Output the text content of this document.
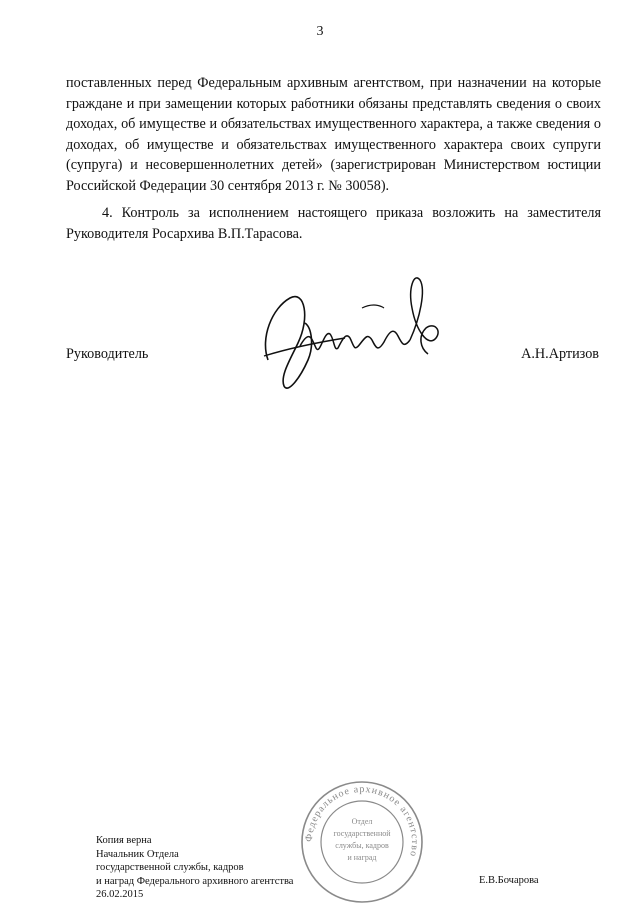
3

поставленных перед Федеральным архивным агентством, при назначении на которые граждане и при замещении которых работники обязаны представлять сведения о своих доходах, об имуществе и обязательствах имущественного характера, а также сведения о доходах, об имуществе и обязательствах имущественного характера своих супруги (супруга) и несовершеннолетних детей» (зарегистрирован Министерством юстиции Российской Федерации 30 сентября 2013 г. № 30058).

4. Контроль за исполнением настоящего приказа возложить на заместителя Руководителя Росархива В.П.Тарасова.

Руководитель	А.Н.Артизов
Федеральное архивное агентство
Отдел
государственной
службы, кадров
и наград
Копия верна
Начальник Отдела
государственной службы, кадров
и наград Федерального архивного агентства
26.02.2015
Е.В.Бочарова
